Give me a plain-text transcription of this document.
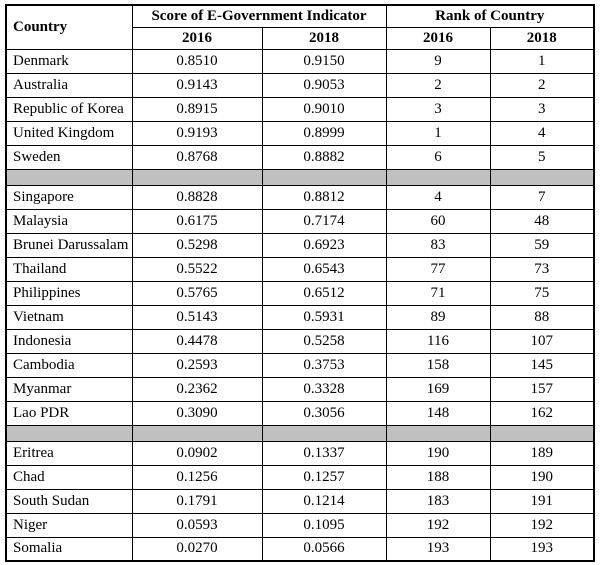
Country	Score of E-Government Indicator		Rank of Country	
	2016	2018	2016	2018
Denmark	0.8510	0.9150	9	1
Australia	0.9143	0.9053	2	2
Republic of Korea	0.8915	0.9010	3	3
United Kingdom	0.9193	0.8999	1	4
Sweden	0.8768	0.8882	6	5

Singapore	0.8828	0.8812	4	7
Malaysia	0.6175	0.7174	60	48
Brunei Darussalam	0.5298	0.6923	83	59
Thailand	0.5522	0.6543	77	73
Philippines	0.5765	0.6512	71	75
Vietnam	0.5143	0.5931	89	88
Indonesia	0.4478	0.5258	116	107
Cambodia	0.2593	0.3753	158	145
Myanmar	0.2362	0.3328	169	157
Lao PDR	0.3090	0.3056	148	162

Eritrea	0.0902	0.1337	190	189
Chad	0.1256	0.1257	188	190
South Sudan	0.1791	0.1214	183	191
Niger	0.0593	0.1095	192	192
Somalia	0.0270	0.0566	193	193
